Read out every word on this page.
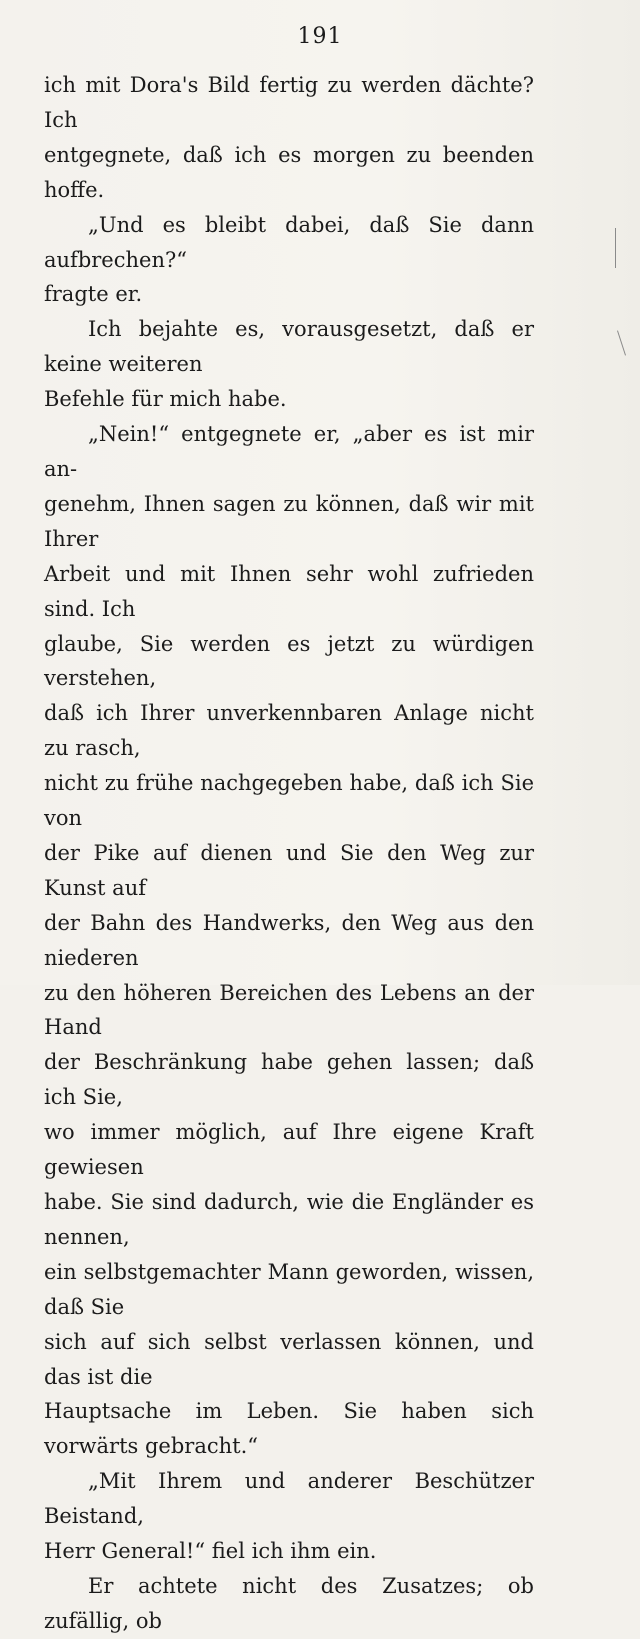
191

ich mit Dora's Bild fertig zu werden dächte? Ich
entgegnete, daß ich es morgen zu beenden hoffe.

„Und es bleibt dabei, daß Sie dann aufbrechen?“
fragte er.

Ich bejahte es, vorausgesetzt, daß er keine weiteren
Befehle für mich habe.

„Nein!“ entgegnete er, „aber es ist mir an-
genehm, Ihnen sagen zu können, daß wir mit Ihrer
Arbeit und mit Ihnen sehr wohl zufrieden sind. Ich
glaube, Sie werden es jetzt zu würdigen verstehen,
daß ich Ihrer unverkennbaren Anlage nicht zu rasch,
nicht zu frühe nachgegeben habe, daß ich Sie von
der Pike auf dienen und Sie den Weg zur Kunst auf
der Bahn des Handwerks, den Weg aus den niederen
zu den höheren Bereichen des Lebens an der Hand
der Beschränkung habe gehen lassen; daß ich Sie,
wo immer möglich, auf Ihre eigene Kraft gewiesen
habe. Sie sind dadurch, wie die Engländer es nennen,
ein selbstgemachter Mann geworden, wissen, daß Sie
sich auf sich selbst verlassen können, und das ist die
Hauptsache im Leben. Sie haben sich vorwärts gebracht.“

„Mit Ihrem und anderer Beschützer Beistand,
Herr General!“ fiel ich ihm ein.

Er achtete nicht des Zusatzes; ob zufällig, ob
